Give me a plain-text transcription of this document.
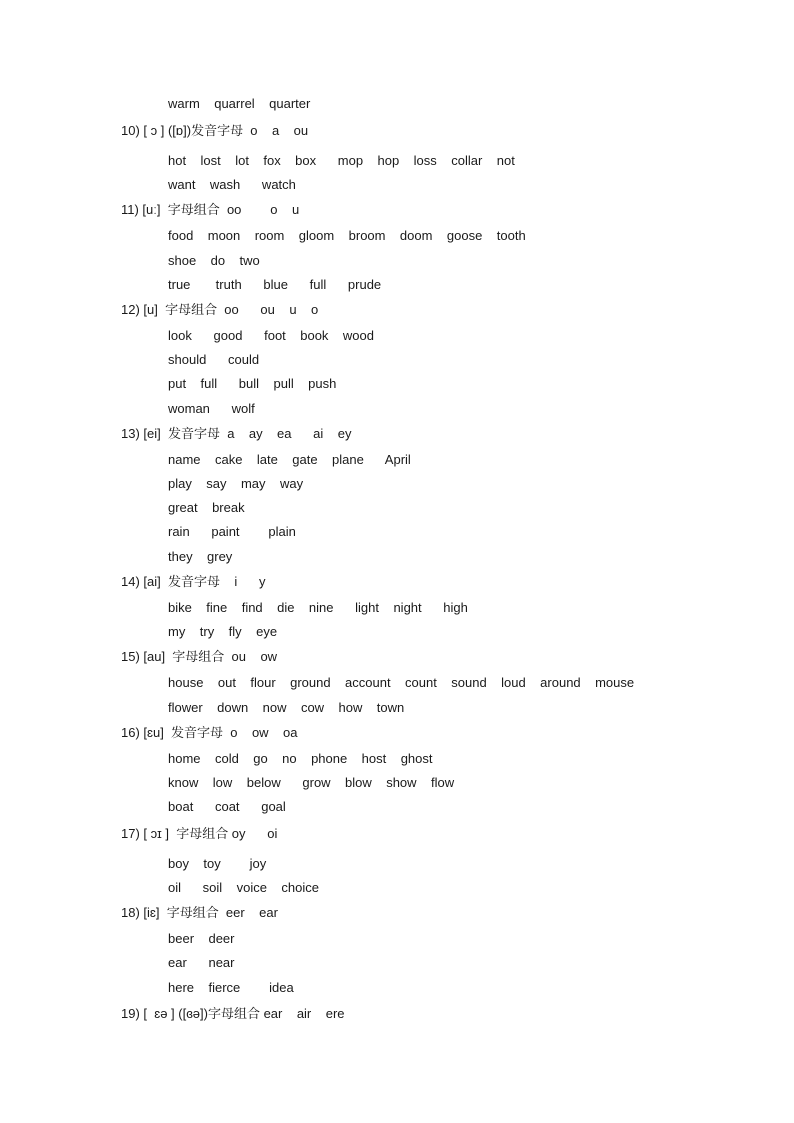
warm    quarrel    quarter
10) [ ɔ ] ([ɒ])发音字母  o    a    ou
hot    lost    lot    fox    box      mop    hop    loss    collar    not
want    wash      watch
11) [uː]  字母组合  oo        o    u
food    moon    room    gloom    broom    doom    goose    tooth
shoe    do    two
true       truth      blue      full      prude
12) [u]  字母组合  oo      ou    u    o
look      good      foot    book    wood
should      could
put    full      bull    pull    push
woman      wolf
13) [ei]  发音字母  a    ay    ea      ai    ey
name    cake    late    gate    plane      April
play    say    may    way
great    break
rain      paint        plain
they    grey
14) [ai]  发音字母    i      y
bike    fine    find    die    nine      light    night      high
my    try    fly    eye
15) [au]  字母组合  ou    ow
house    out    flour    ground    account    count    sound    loud    around    mouse
flower    down    now    cow    how    town
16) [ɛu]  发音字母  o    ow    oa
home    cold    go    no    phone    host    ghost
know    low    below      grow    blow    show    flow
boat      coat      goal
17) [ ɔɪ ]  字母组合 oy      oi
boy    toy        joy
oil      soil    voice    choice
18) [iɛ]  字母组合  eer    ear
beer    deer
ear      near
here    fierce        idea
19) [  ɛə ] ([ɞə])字母组合 ear    air    ere
